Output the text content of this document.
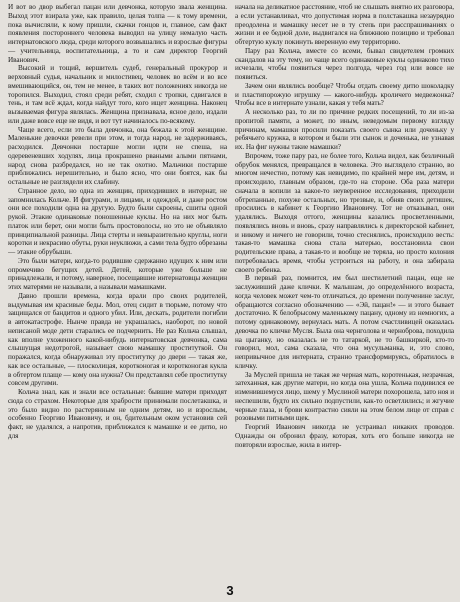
И вот во двор выбегал пацан или девчонка, которую звала женщина. Выход этот взирала уже, как правило, целая толпа — к тому времени, пока вычисляли, к кому пришли, скачки гонцов и, главное, сам факт появления постороннего человека выводил на улицу немалую часть интернатовского люда, среди которого возвышались и взрослые фигуры — учительница, воспитательница, а то и сам директор Георгий Иванович.

Высокий и тощий, вершитель судеб, генеральный прокурор и верховный судья, начальник и милостивец, человек во всём и во все вмешивающийся, он, тем не менее, в таких вот положениях никогда не торопился. Выходил, стоял среди ребят, сходил с тропки, сдвигался в тень, и там всё ждал, когда найдут того, кого ищет женщина. Наконец вызываемая фигура являлась. Женщина признавала, ясное дело, издали или даже вовсе еще не видя, и вот тут начиналось по-всякому.

Чаще всего, если это была девчонка, она бежала к этой женщине. Маленькие девочки ревели при этом, и тогда народ, не задерживаясь, расходился. Девчонки постарше могли идти не спеша, на одеревеневших ходулях, лица прокрашено рваными алыми пятнами, народ снова разбредался, но не так охотно. Мальчики постарше приближались нерешительно, и было ясно, что они боятся, как бы остальные не разглядели их слабину.

Странное дело, но одна из женщин, приходивших в интернат, не запомнилась Кольче. И фигурами, и лицами, и одеждой, и даже ростом они все походили одна на другую. Будто были скроены, сшиты одной рукой. Этакие одинаковые поношенные куклы. Но на них мог быть платок или берет, они могли быть простоволосы, но это не объявляло принципиальной разницы. Лица стерты и невыразительно круглы, ноги коротки и некрасиво обуты, руки неуклюжи, а сами тела будто обрезаны — этакие обрубыши.

Это были матери, когда-то родившие сдержанно идущих к ним или опромечиво бегущих детей. Детей, которые уже больше не принадлежали, и потому, наверное, посещавшие интернатовцы женщин этих матерями не называли, а называли мамашками.

Давно прошли времена, когда врали про своих родителей, выдумывая им красивые беды. Мол, отец сидит в тюрьме, потому что защищался от бандитов и одного убил. Или, дескать, родители погибли в автокатастрофе. Нынче правда не украшалась, наоборот, по новой неписаной моде дети старались ее подчернить. Не раз Кольча слышал, как вполне ухоженного какой-нибудь интернатовская девчонка, сама слышущая недотрогой, называет свою мамашку проституткой. Он поражался, когда обнаруживал эту проститутку до двери — такая же, как все остальные, — плосколицая, коротконогая и коротконогая кукла в обтертом плаще — кому она нужна? Он представлял себе проститутку совсем другими.

Кольча знал, как и знали все остальные: бывшие матери приходят сюда со страхом. Некоторые для храбрости принимали послетакшка, и это было видно по растерянным не одним детям, но и взрослым, особенно Георгию Ивановичу, и он, бдительным оком установив сей факт, не удалялся, а напротив, приближался к мамашке и ее дитю, но для

начала на деликатное расстояние, чтоб не слышать внятно их разговора, а если устанавливал, что допустимая норма в полстакашка незаурядно преодолена и мамашку несет не в ту степь при расспрашиваниях о жизни и ее бедной доле, выдвигался на ближнюю позицию и требовал обтертую куклу покинуть вверенную ему территорию.

Пару раз Кольча, вместе со всеми, бывал свидетелем громких скандалов на эту тему, но чаще всего одинаковые куклы одинаково тихо исчезали, чтобы появиться через полгода, через год или вовсе не появиться.

Зачем они являлись вообще? Чтобы отдать своему дитю шоколадку и пластипорожую игрушку — какого-нибудь кроличего медвежонка? Чтобы все в интернате узнали, какая у тебя мать?

А несколько раз, то ли по причине редких посещений, то ли из-за пропитой памяти, а может, по иным, неведомым первому взгляду причинам, мамашки просили показать своего сынка или доченьку у ребячьего кружка, в котором и были эти сынок и доченька, не узнавая их. На фиг нужны такие мамашки?

Впрочем, тоже пару раз, не более того, Кольча видел, как безличный обрубок менялся, превращался в человека. Это выглядело странно, во многом нечестно, потому как невидимо, по крайней мере им, детям, и происходило, главным образом, где-то на стороне. Оба раза матери сначала в копили за какое-то неуверенное исследования, приходили обтрепанные, похуже остальных, но трезвые, и, обняв своих детишек, просились в кабинет к Георгию Ивановичу. Тот не отказывал, они удалялись. Выходя оттого, женщины казались просветленными, появлялись вновь и вновь, сразу направлялись к директорской кабинет, и никому и ничего не говорили, точно стеснялись, происходило весть: такая-то мамашка снова стала матерью, восстановила свои родительские права, а такая-то и вообще не теряла, но просто колония потребовалась время, чтобы устроиться на работу, и она забирала своего ребенка.

В первый раз, помнится, им был шестилетний пацан, еще не заслуживший даже клички. К малышам, до определённого возраста, когда человек может чем-то отличаться, до времени полученине заслуг, обращаются согласно обозначению — «Эй, пацан!» — и этого бывает достаточно. К белобрысому маленькому пацану, одному из немногих, а потому одинаковому, вернулась мать. А потом счастливицей оказалась девочка по кличке Мусля. Была она чернголова и черноброва, походила на цыганку, но оказалась не то татаркой, не то башкиркой, кто-то говорил, мол, сама сказала, что она мусульманка, и, это слово, непривычное для интерната, странно трансформируясь, обратилось в кличку.

За Муслей пришла не такая же черная мать, коротенькая, незрачная, затеханная, как другие матери, но когда она ушла, Кольча подивился ее изменившемуся лицо, шему у Муслиной матери похорошела, зато ноя и неспешили, будто их сильно подпустили, как-то осветлились; и жгучие черные глаза, и брови контрастно сияли на этом белом лице от справ с розовыми питными щек.

Георгий Иванович никогда не устраивал никаких проводов. Однажды он обронил фразу, которая, хоть его больше никогда не повторяли взрослые, жила в интер-

3
